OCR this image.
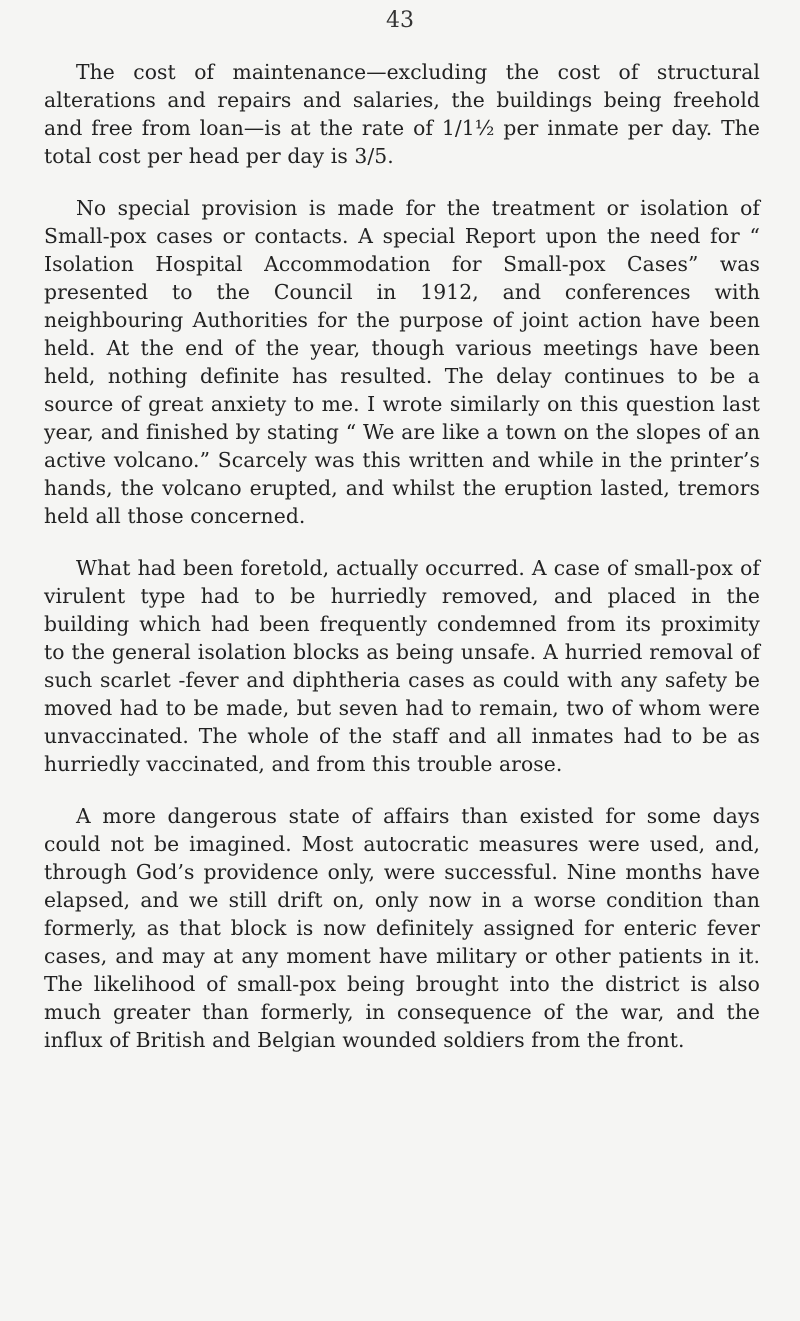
43

The cost of maintenance—excluding the cost of structural alterations and repairs and salaries, the buildings being freehold and free from loan—is at the rate of 1/1½ per inmate per day. The total cost per head per day is 3/5.

No special provision is made for the treatment or isolation of Small-pox cases or contacts. A special Report upon the need for “ Isolation Hospital Accommodation for Small-pox Cases” was presented to the Council in 1912, and conferences with neighbouring Authorities for the purpose of joint action have been held. At the end of the year, though various meetings have been held, nothing definite has resulted. The delay continues to be a source of great anxiety to me. I wrote similarly on this question last year, and finished by stating “ We are like a town on the slopes of an active volcano.” Scarcely was this written and while in the printer’s hands, the volcano erupted, and whilst the eruption lasted, tremors held all those concerned.

What had been foretold, actually occurred. A case of small-pox of virulent type had to be hurriedly removed, and placed in the building which had been frequently condemned from its proximity to the general isolation blocks as being unsafe. A hurried removal of such scarlet -fever and diphtheria cases as could with any safety be moved had to be made, but seven had to remain, two of whom were unvaccinated. The whole of the staff and all inmates had to be as hurriedly vaccinated, and from this trouble arose.

A more dangerous state of affairs than existed for some days could not be imagined. Most autocratic measures were used, and, through God’s providence only, were successful. Nine months have elapsed, and we still drift on, only now in a worse condition than formerly, as that block is now definitely assigned for enteric fever cases, and may at any moment have military or other patients in it. The likelihood of small-pox being brought into the district is also much greater than formerly, in consequence of the war, and the influx of British and Belgian wounded soldiers from the front.
